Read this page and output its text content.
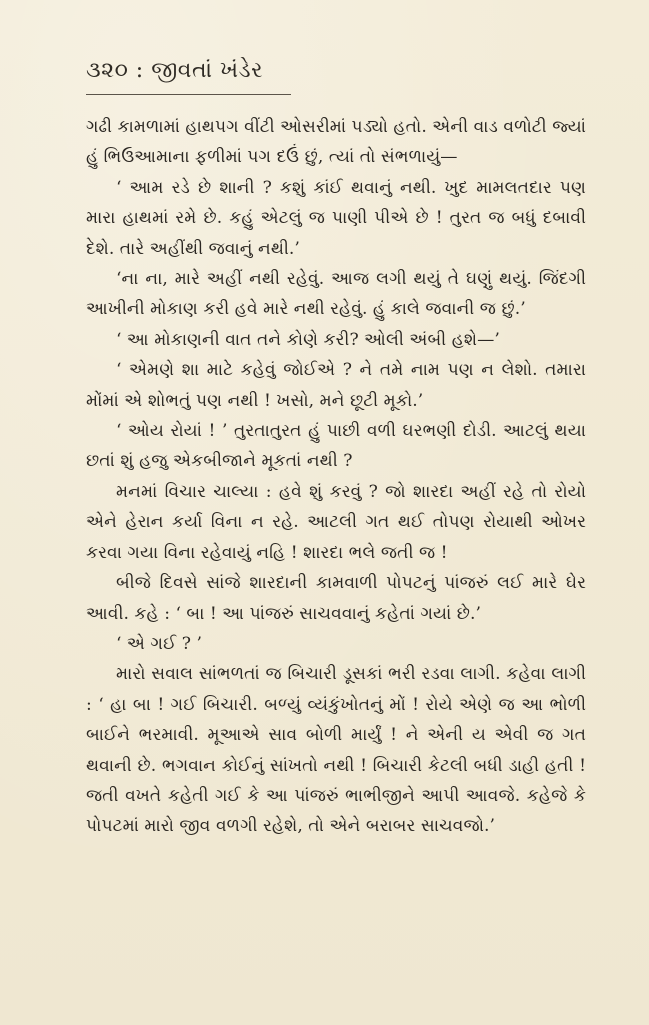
૩૨૦ : જીવતાં ખંડેર

ગઢી કામળામાં હાથપગ વીંટી ઓસરીમાં પડ્યો હતો. એની વાડ વળોટી જ્યાં હું ભિઉઆમાના ફળીમાં પગ દઉં છું, ત્યાં તો સંભળાયું—

‘ આમ રડે છે શાની ? કશું કાંઈ થવાનું નથી. ખુદ મામલતદાર પણ મારા હાથમાં રમે છે. કહું એટલું જ પાણી પીએ છે ! તુરત જ બધું દબાવી દેશે. તારે અહીંથી જવાનું નથી.’

‘ના ના, મારે અહીં નથી રહેવું. આજ લગી થયું તે ઘણું થયું. જિંદગી આખીની મોકાણ કરી હવે મારે નથી રહેવું. હું કાલે જવાની જ છું.’

‘ આ મોકાણની વાત તને કોણે કરી? ઓલી અંબી હશે—’

‘ એમણે શા માટે કહેવું જોઈએ ? ને તમે નામ પણ ન લેશો. તમારા મોંમાં એ શોભતું પણ નથી ! ખસો, મને છૂટી મૂકો.’

‘ ઓય રોયાં ! ’ તુરતાતુરત હું પાછી વળી ઘરભણી દોડી. આટલું થયા છતાં શું હજુ એકબીજાને મૂકતાં નથી ?

મનમાં વિચાર ચાલ્યા : હવે શું કરવું ? જો શારદા અહીં રહે તો રોયો એને હેરાન કર્યા વિના ન રહે. આટલી ગત થઈ તોપણ રોયાથી ઓખર કરવા ગયા વિના રહેવાયું નહિ ! શારદા ભલે જતી જ !

બીજે દિવસે સાંજે શારદાની કામવાળી પોપટનું પાંજરું લઈ મારે ઘેર આવી. કહે : ‘ બા ! આ પાંજરું સાચવવાનું કહેતાં ગયાં છે.’

‘ એ ગઈ ? ’

મારો સવાલ સાંભળતાં જ બિચારી ડૂસકાં ભરી રડવા લાગી. કહેવા લાગી : ‘ હા બા ! ગઈ બિચારી. બળ્યું વ્યંકુંખોતનું મોં ! રોયે એણે જ આ ભોળી બાઈને ભરમાવી. મૂઆએ સાવ બોળી માર્યું ! ને એની ય એવી જ ગત થવાની છે. ભગવાન કોઈનું સાંખતો નથી ! બિચારી કેટલી બધી ડાહી હતી ! જતી વખતે કહેતી ગઈ કે આ પાંજરું ભાભીજીને આપી આવજે. કહેજે કે પોપટમાં મારો જીવ વળગી રહેશે, તો એને બરાબર સાચવજો.’
